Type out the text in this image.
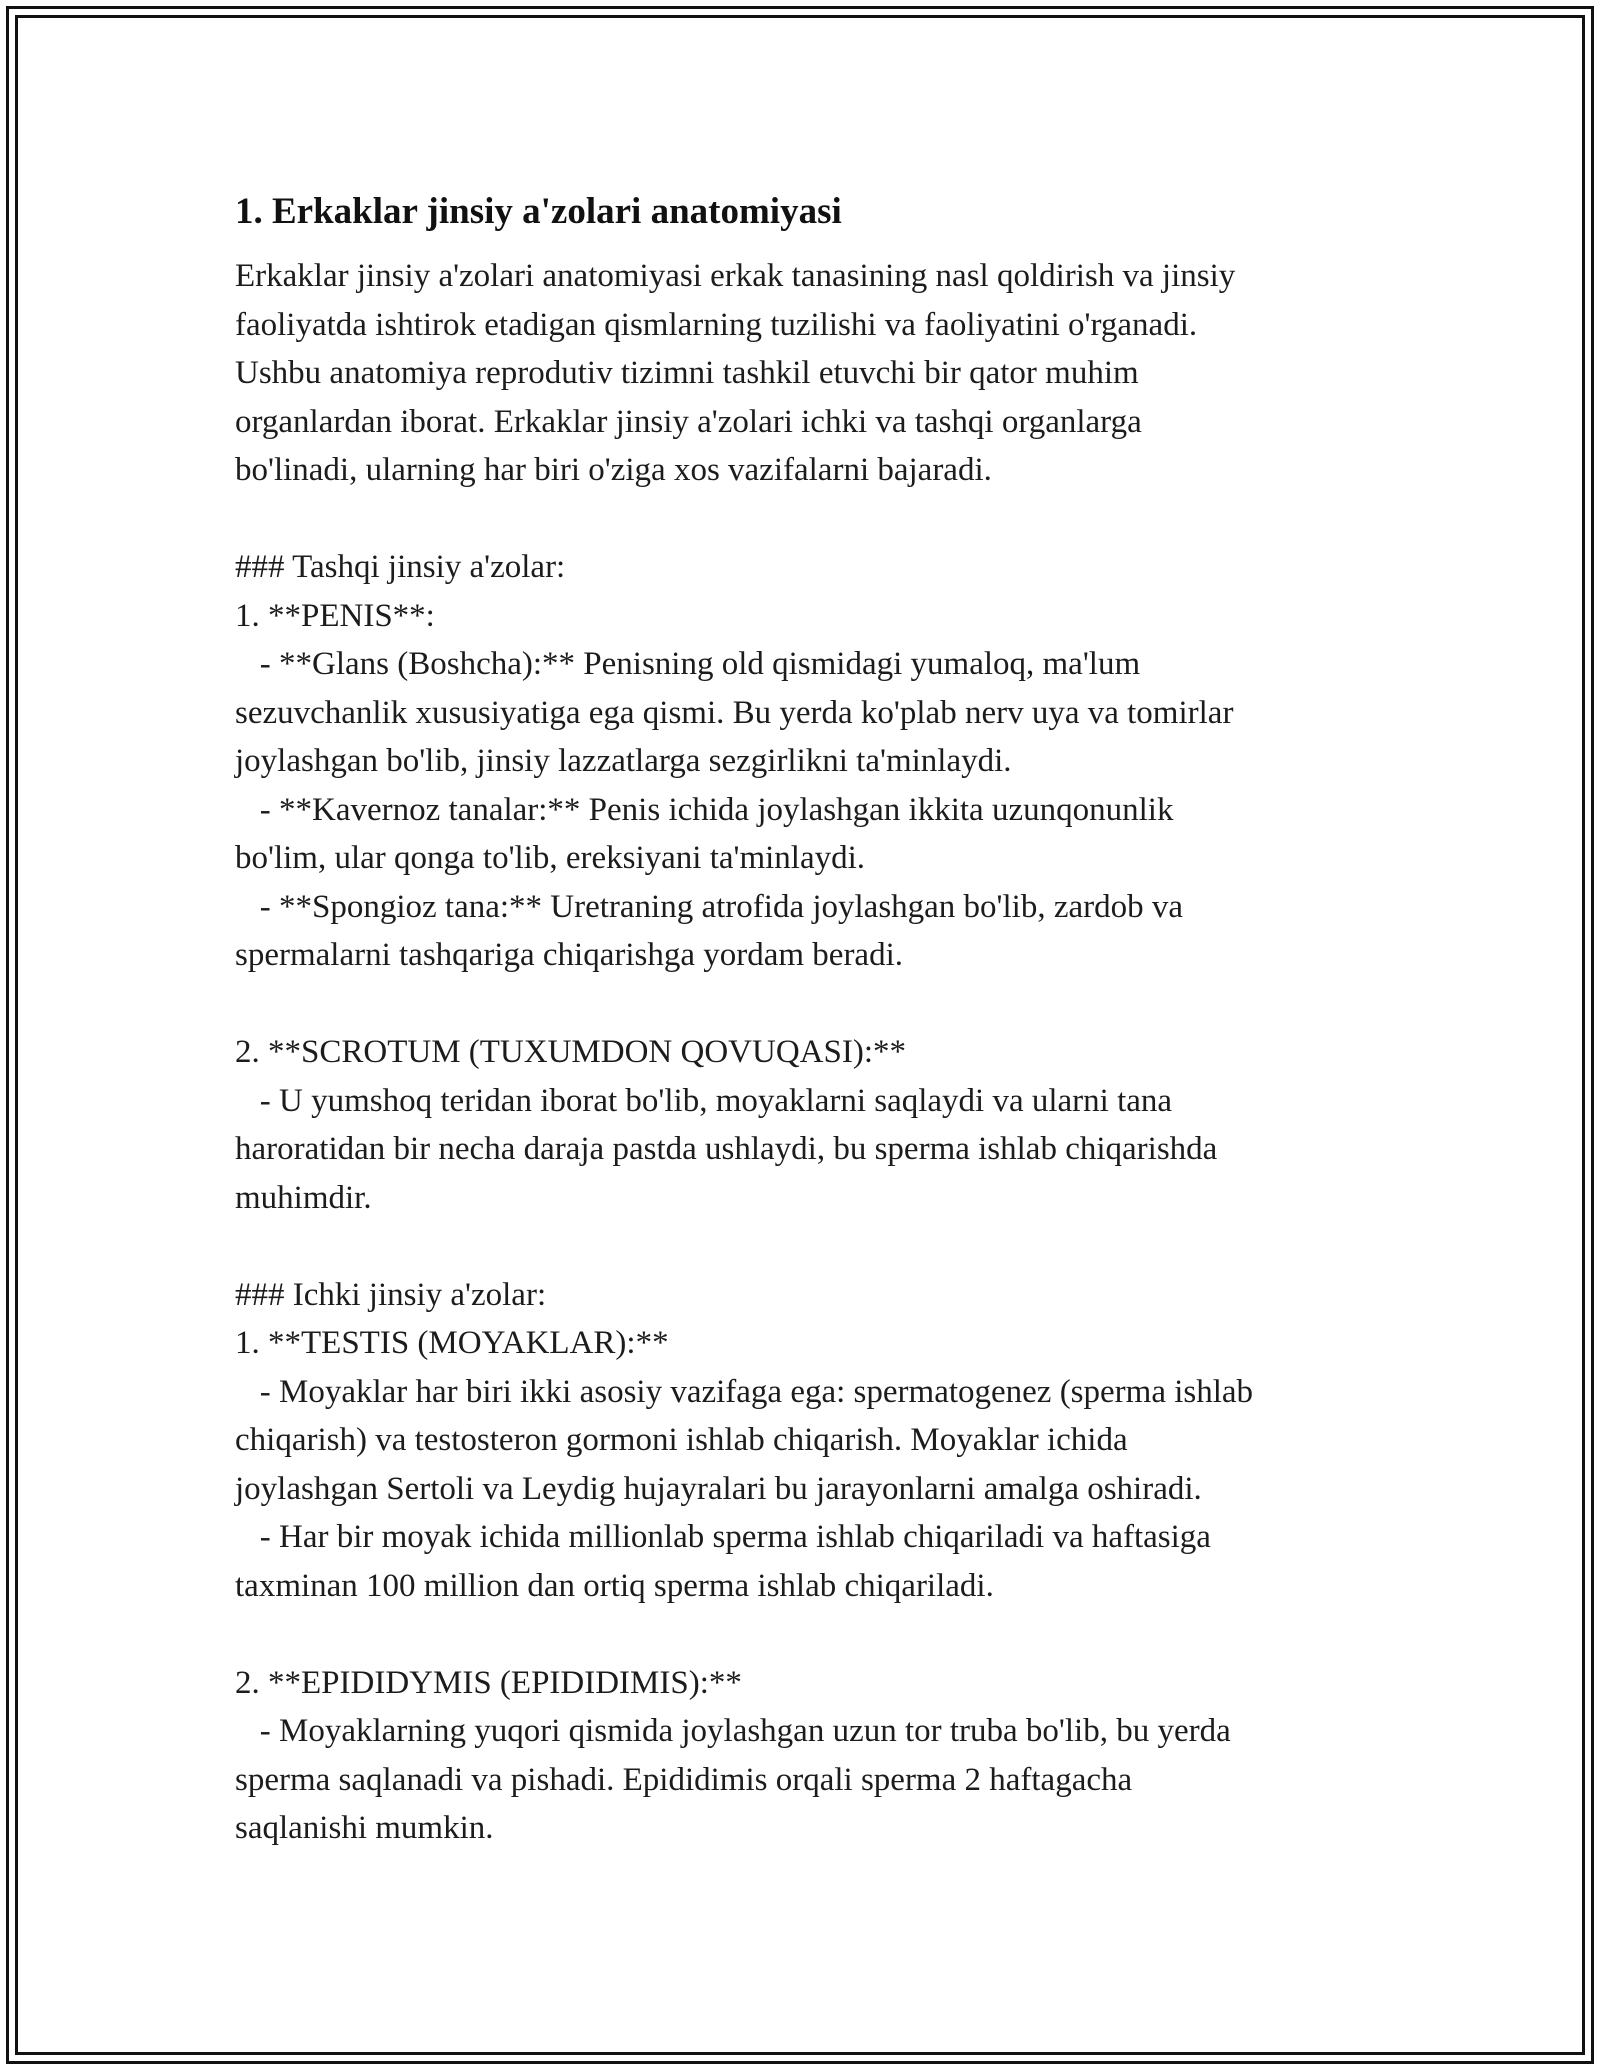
1. Erkaklar jinsiy a'zolari anatomiyasi
Erkaklar jinsiy a'zolari anatomiyasi erkak tanasining nasl qoldirish va jinsiy
faoliyatda ishtirok etadigan qismlarning tuzilishi va faoliyatini o'rganadi.
Ushbu anatomiya reprodutiv tizimni tashkil etuvchi bir qator muhim
organlardan iborat. Erkaklar jinsiy a'zolari ichki va tashqi organlarga
bo'linadi, ularning har biri o'ziga xos vazifalarni bajaradi.
### Tashqi jinsiy a'zolar:
1. **PENIS**:
- **Glans (Boshcha):** Penisning old qismidagi yumaloq, ma'lum
sezuvchanlik xususiyatiga ega qismi. Bu yerda ko'plab nerv uya va tomirlar
joylashgan bo'lib, jinsiy lazzatlarga sezgirlikni ta'minlaydi.
- **Kavernoz tanalar:** Penis ichida joylashgan ikkita uzunqonunlik
bo'lim, ular qonga to'lib, ereksiyani ta'minlaydi.
- **Spongioz tana:** Uretraning atrofida joylashgan bo'lib, zardob va
spermalarni tashqariga chiqarishga yordam beradi.
2. **SCROTUM (TUXUMDON QOVUQASI):**
- U yumshoq teridan iborat bo'lib, moyaklarni saqlaydi va ularni tana
haroratidan bir necha daraja pastda ushlaydi, bu sperma ishlab chiqarishda
muhimdir.
### Ichki jinsiy a'zolar:
1. **TESTIS (MOYAKLAR):**
- Moyaklar har biri ikki asosiy vazifaga ega: spermatogenez (sperma ishlab
chiqarish) va testosteron gormoni ishlab chiqarish. Moyaklar ichida
joylashgan Sertoli va Leydig hujayralari bu jarayonlarni amalga oshiradi.
- Har bir moyak ichida millionlab sperma ishlab chiqariladi va haftasiga
taxminan 100 million dan ortiq sperma ishlab chiqariladi.
2. **EPIDIDYMIS (EPIDIDIMIS):**
- Moyaklarning yuqori qismida joylashgan uzun tor truba bo'lib, bu yerda
sperma saqlanadi va pishadi. Epididimis orqali sperma 2 haftagacha
saqlanishi mumkin.
